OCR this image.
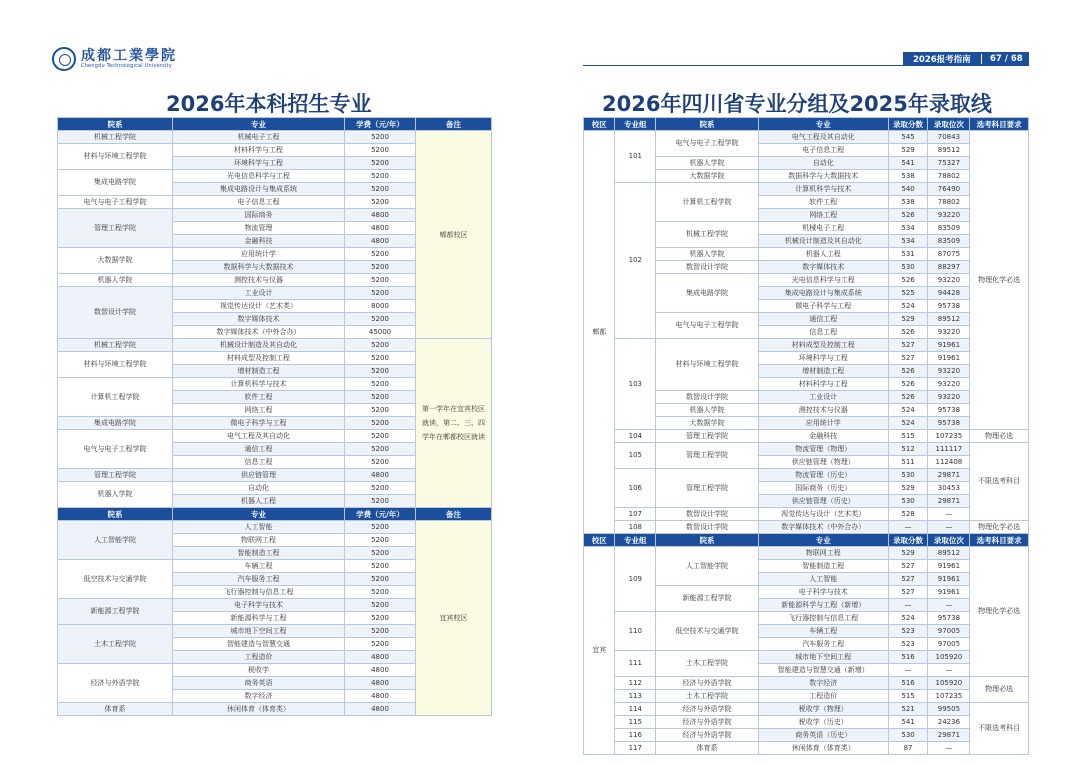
成都工業學院
Chengdu Technological University
2026报考指南	67 / 68
2026年本科招生专业	2026年四川省专业分组及2025年录取线
院系	专业	学费（元/年）	备注
机械工程学院	机械电子工程	5200	郫都校区
材料与环境工程学院	材料科学与工程	5200	
	环境科学与工程	5200	
集成电路学院	光电信息科学与工程	5200	
	集成电路设计与集成系统	5200	
电气与电子工程学院	电子信息工程	5200	
管理工程学院	国际商务	4800	
	物流管理	4800	
	金融科技	4800	
大数据学院	应用统计学	5200	
	数据科学与大数据技术	5200	
机器人学院	测控技术与仪器	5200	
数智设计学院	工业设计	5200	
	视觉传达设计（艺术类）	8000	
	数字媒体技术	5200	
	数字媒体技术（中外合办）	45000	
机械工程学院	机械设计制造及其自动化	5200	第一学年在宜宾校区就读，第二、三、四学年在郫都校区就读
材料与环境工程学院	材料成型及控制工程	5200	
	增材制造工程	5200	
计算机工程学院	计算机科学与技术	5200	
	软件工程	5200	
	网络工程	5200	
集成电路学院	微电子科学与工程	5200	
电气与电子工程学院	电气工程及其自动化	5200	
	通信工程	5200	
	信息工程	5200	
管理工程学院	供应链管理	4800	
机器人学院	自动化	5200	
	机器人工程	5200	
院系	专业	学费（元/年）	备注
人工智能学院	人工智能	5200	宜宾校区
	物联网工程	5200	
	智能制造工程	5200	
低空技术与交通学院	车辆工程	5200	
	汽车服务工程	5200	
	飞行器控制与信息工程	5200	
新能源工程学院	电子科学与技术	5200	
	新能源科学与工程	5200	
土木工程学院	城市地下空间工程	5200	
	智能建造与智慧交通	5200	
	工程造价	4800	
经济与外语学院	税收学	4800	
	商务英语	4800	
	数字经济	4800	
体育系	休闲体育（体育类）	4800	
校区	专业组	院系	专业	录取分数	录取位次	选考科目要求
郫都	101	电气与电子工程学院	电气工程及其自动化	545	70843	物理化学必选
			电子信息工程	529	89512	
		机器人学院	自动化	541	75327	
		大数据学院	数据科学与大数据技术	538	78802	
	102	计算机工程学院	计算机科学与技术	540	76490	
			软件工程	538	78802	
			网络工程	526	93220	
		机械工程学院	机械电子工程	534	83509	
			机械设计制造及其自动化	534	83509	
		机器人学院	机器人工程	531	87075	
		数智设计学院	数字媒体技术	530	88297	
		集成电路学院	光电信息科学与工程	526	93220	
			集成电路设计与集成系统	525	94428	
			微电子科学与工程	524	95738	
		电气与电子工程学院	通信工程	529	89512	
			信息工程	526	93220	
	103	材料与环境工程学院	材料成型及控制工程	527	91961	
			环境科学与工程	527	91961	
			增材制造工程	526	93220	
			材料科学与工程	526	93220	
		数智设计学院	工业设计	526	93220	
		机器人学院	测控技术与仪器	524	95738	
		大数据学院	应用统计学	524	95738	
	104	管理工程学院	金融科技	515	107235	物理必选
	105	管理工程学院	物流管理（物理）	512	111117	不限选考科目
			供应链管理（物理）	511	112408	
	106	管理工程学院	物流管理（历史）	530	29871	
			国际商务（历史）	529	30453	
			供应链管理（历史）	530	29871	
	107	数智设计学院	视觉传达与设计（艺术类）	528	—	
	108	数智设计学院	数字媒体技术（中外合办）	—	—	物理化学必选
校区	专业组	院系	专业	录取分数	录取位次	选考科目要求
宜宾	109	人工智能学院	物联网工程	529	89512	物理化学必选
			智能制造工程	527	91961	
			人工智能	527	91961	
		新能源工程学院	电子科学与技术	527	91961	
			新能源科学与工程（新增）	—	—	
	110	低空技术与交通学院	飞行器控制与信息工程	524	95738	
			车辆工程	523	97005	
			汽车服务工程	523	97005	
	111	土木工程学院	城市地下空间工程	516	105920	
			智能建造与智慧交通（新增）	—	—	
	112	经济与外语学院	数字经济	516	105920	物理必选
	113	土木工程学院	工程造价	515	107235	
	114	经济与外语学院	税收学（物理）	521	99505	不限选考科目
	115	经济与外语学院	税收学（历史）	541	24236	
	116	经济与外语学院	商务英语（历史）	530	29871	
	117	体育系	休闲体育（体育类）	87	—	
